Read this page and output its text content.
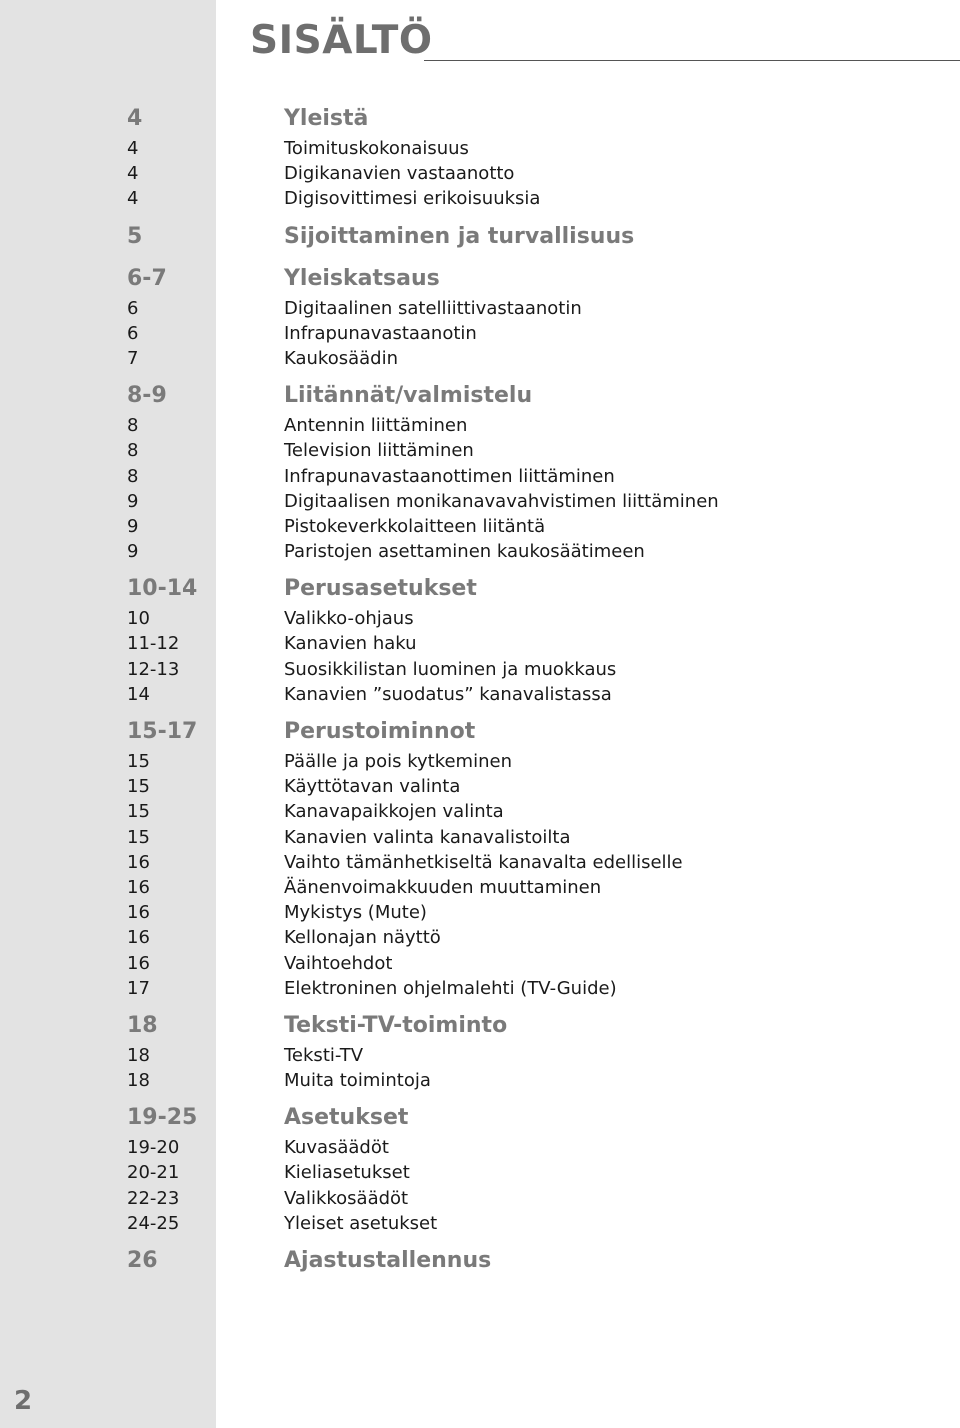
SISÄLTÖ
4	Yleistä
4	Toimituskokonaisuus
4	Digikanavien vastaanotto
4	Digisovittimesi erikoisuuksia
5	Sijoittaminen ja turvallisuus
6-7	Yleiskatsaus
6	Digitaalinen satelliittivastaanotin
6	Infrapunavastaanotin
7	Kaukosäädin
8-9	Liitännät/valmistelu
8	Antennin liittäminen
8	Television liittäminen
8	Infrapunavastaanottimen liittäminen
9	Digitaalisen monikanavavahvistimen liittäminen
9	Pistokeverkkolaitteen liitäntä
9	Paristojen asettaminen kaukosäätimeen
10-14	Perusasetukset
10	Valikko-ohjaus
11-12	Kanavien haku
12-13	Suosikkilistan luominen ja muokkaus
14	Kanavien ”suodatus” kanavalistassa
15-17	Perustoiminnot
15	Päälle ja pois kytkeminen
15	Käyttötavan valinta
15	Kanavapaikkojen valinta
15	Kanavien valinta kanavalistoilta
16	Vaihto tämänhetkiseltä kanavalta edelliselle
16	Äänenvoimakkuuden muuttaminen
16	Mykistys (Mute)
16	Kellonajan näyttö
16	Vaihtoehdot
17	Elektroninen ohjelmalehti (TV-Guide)
18	Teksti-TV-toiminto
18	Teksti-TV
18	Muita toimintoja
19-25	Asetukset
19-20	Kuvasäädöt
20-21	Kieliasetukset
22-23	Valikkosäädöt
24-25	Yleiset asetukset
26	Ajastustallennus
2
